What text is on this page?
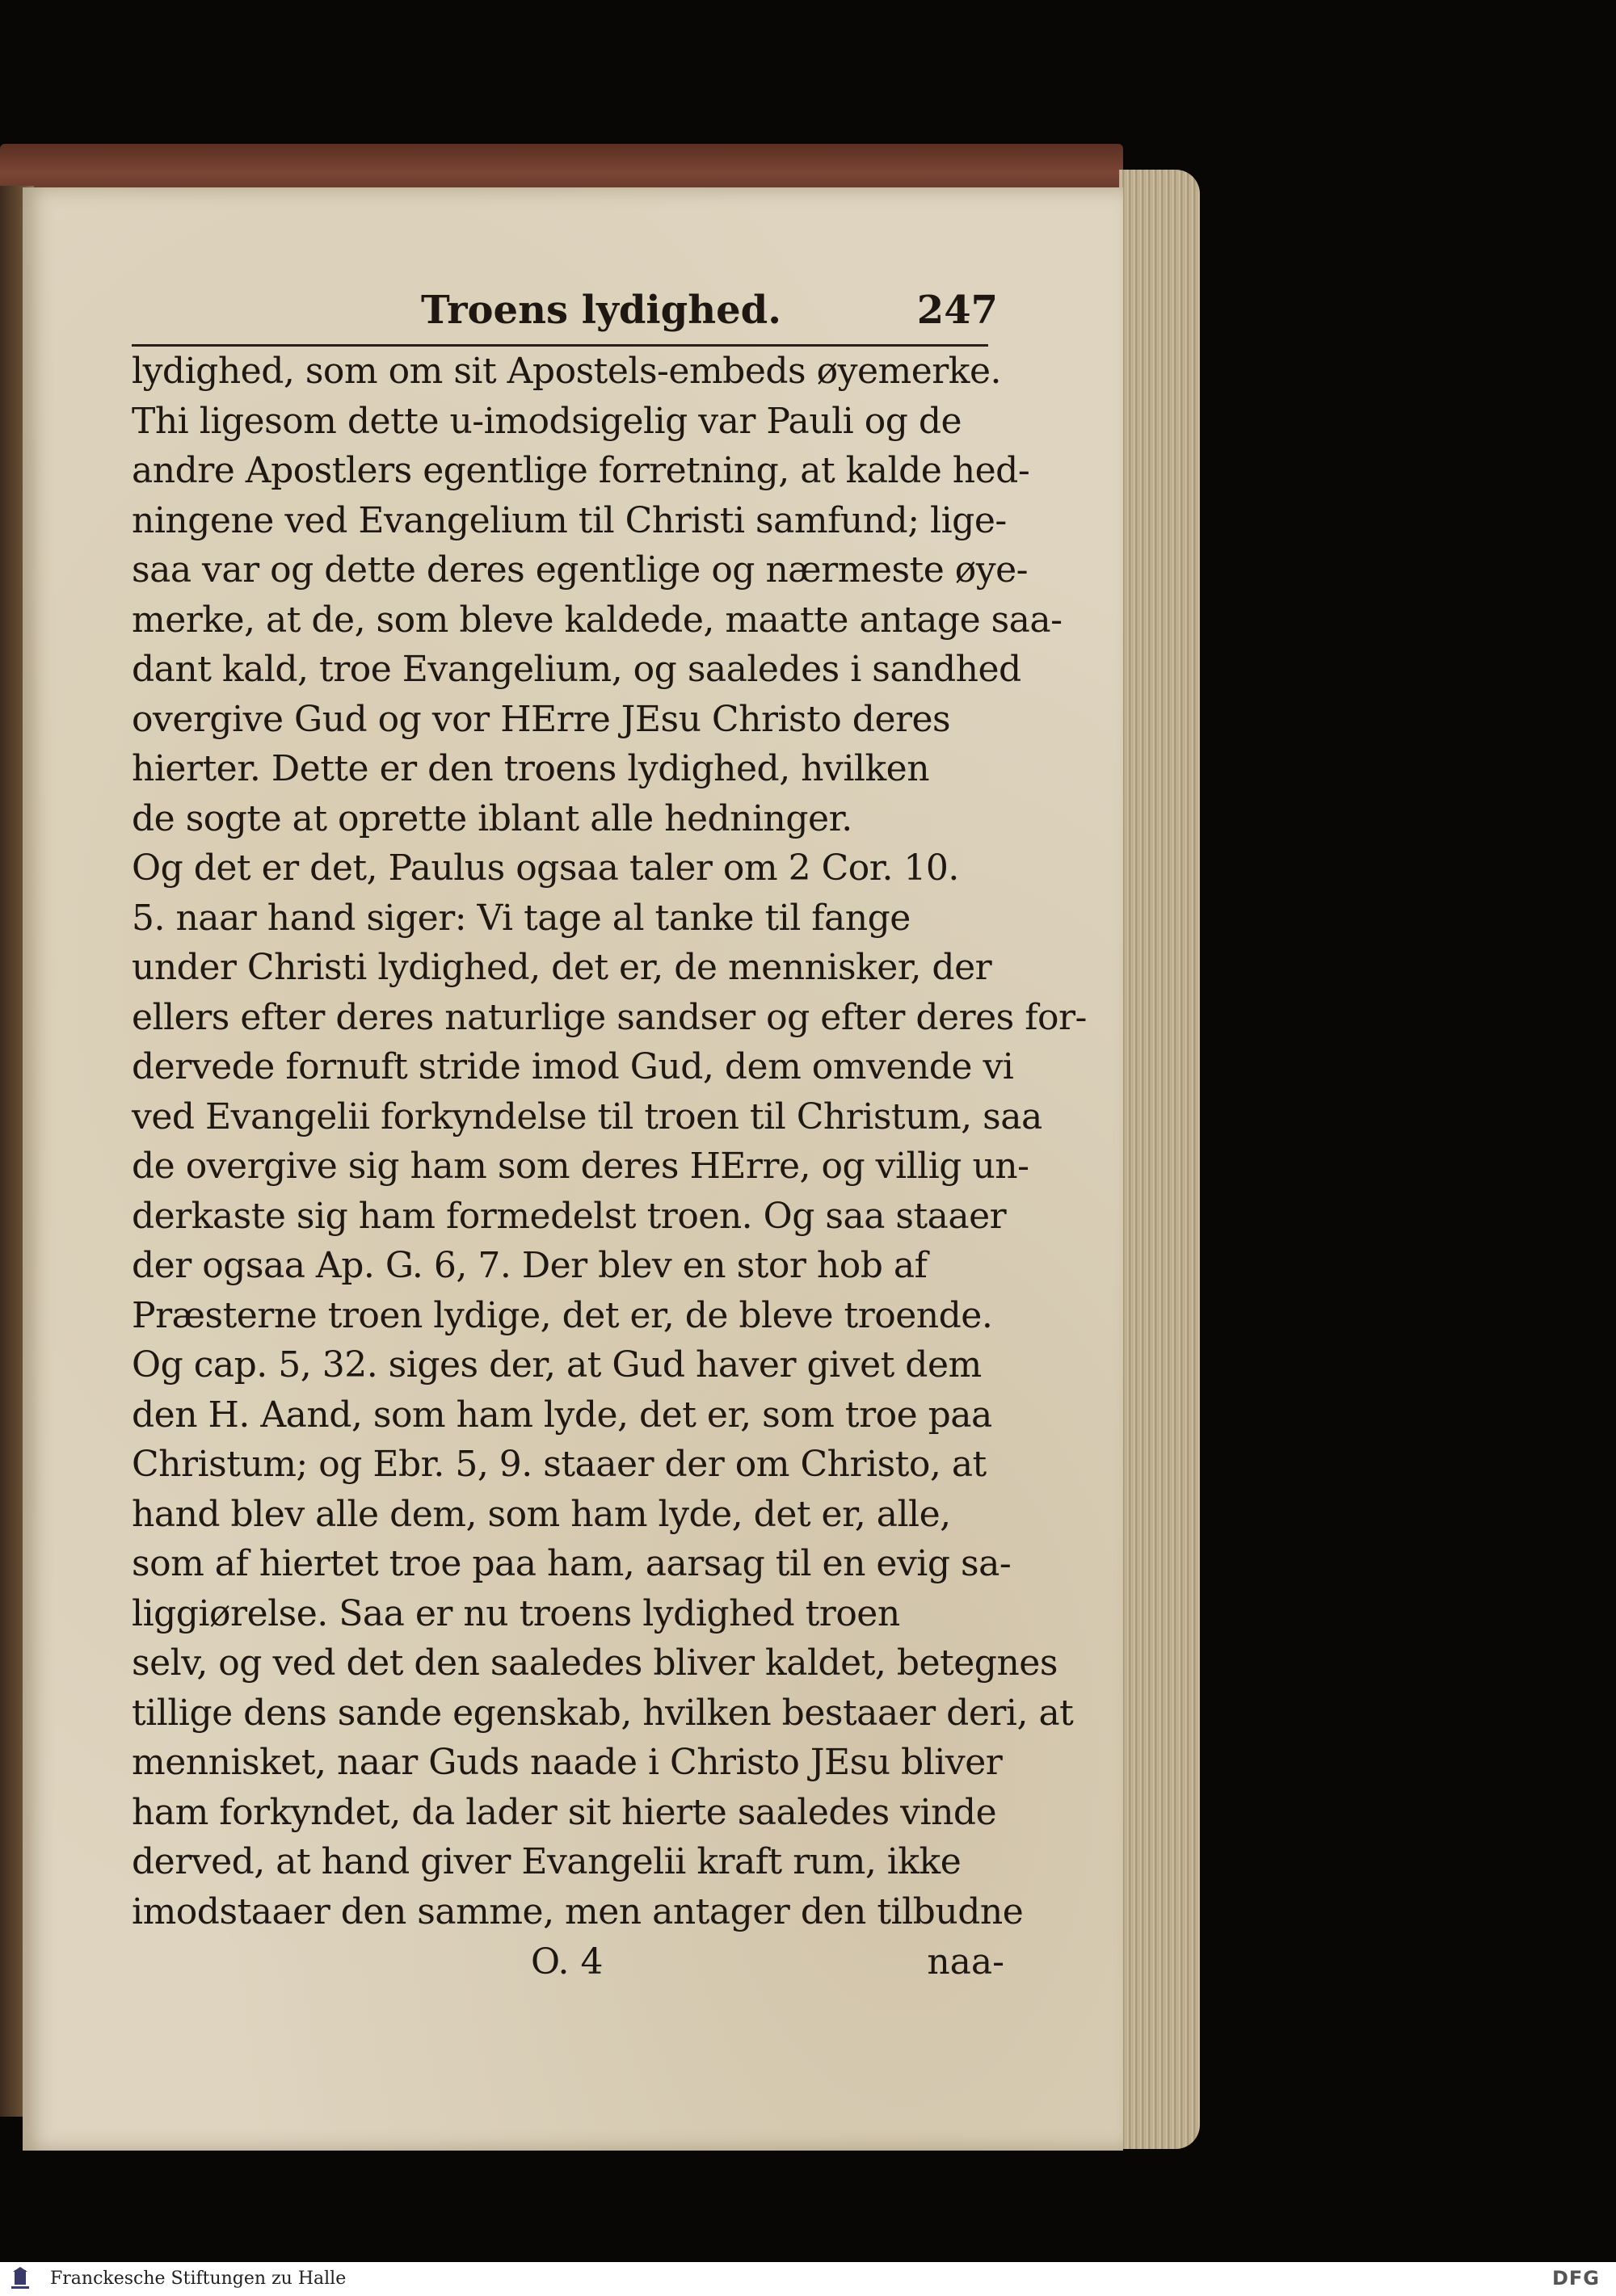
Troens lydighed.	247
lydighed, som om sit Apostels-embeds øyemerke.
Thi ligesom dette u-imodsigelig var Pauli og de
andre Apostlers egentlige forretning, at kalde hed-
ningene ved Evangelium til Christi samfund; lige-
saa var og dette deres egentlige og nærmeste øye-
merke, at de, som bleve kaldede, maatte antage saa-
dant kald, troe Evangelium, og saaledes i sandhed
overgive Gud og vor HErre JEsu Christo deres
hierter. Dette er den troens lydighed, hvilken
de sogte at oprette iblant alle hedninger.
Og det er det, Paulus ogsaa taler om 2 Cor. 10.
5. naar hand siger: Vi tage al tanke til fange
under Christi lydighed, det er, de mennisker, der
ellers efter deres naturlige sandser og efter deres for-
dervede fornuft stride imod Gud, dem omvende vi
ved Evangelii forkyndelse til troen til Christum, saa
de overgive sig ham som deres HErre, og villig un-
derkaste sig ham formedelst troen. Og saa staaer
der ogsaa Ap. G. 6, 7. Der blev en stor hob af
Præsterne troen lydige, det er, de bleve troende.
Og cap. 5, 32. siges der, at Gud haver givet dem
den H. Aand, som ham lyde, det er, som troe paa
Christum; og Ebr. 5, 9. staaer der om Christo, at
hand blev alle dem, som ham lyde, det er, alle,
som af hiertet troe paa ham, aarsag til en evig sa-
liggiørelse. Saa er nu troens lydighed troen
selv, og ved det den saaledes bliver kaldet, betegnes
tillige dens sande egenskab, hvilken bestaaer deri, at
mennisket, naar Guds naade i Christo JEsu bliver
ham forkyndet, da lader sit hierte saaledes vinde
derved, at hand giver Evangelii kraft rum, ikke
imodstaaer den samme, men antager den tilbudne
O. 4	naa-
Franckesche Stiftungen zu Halle	DFG
